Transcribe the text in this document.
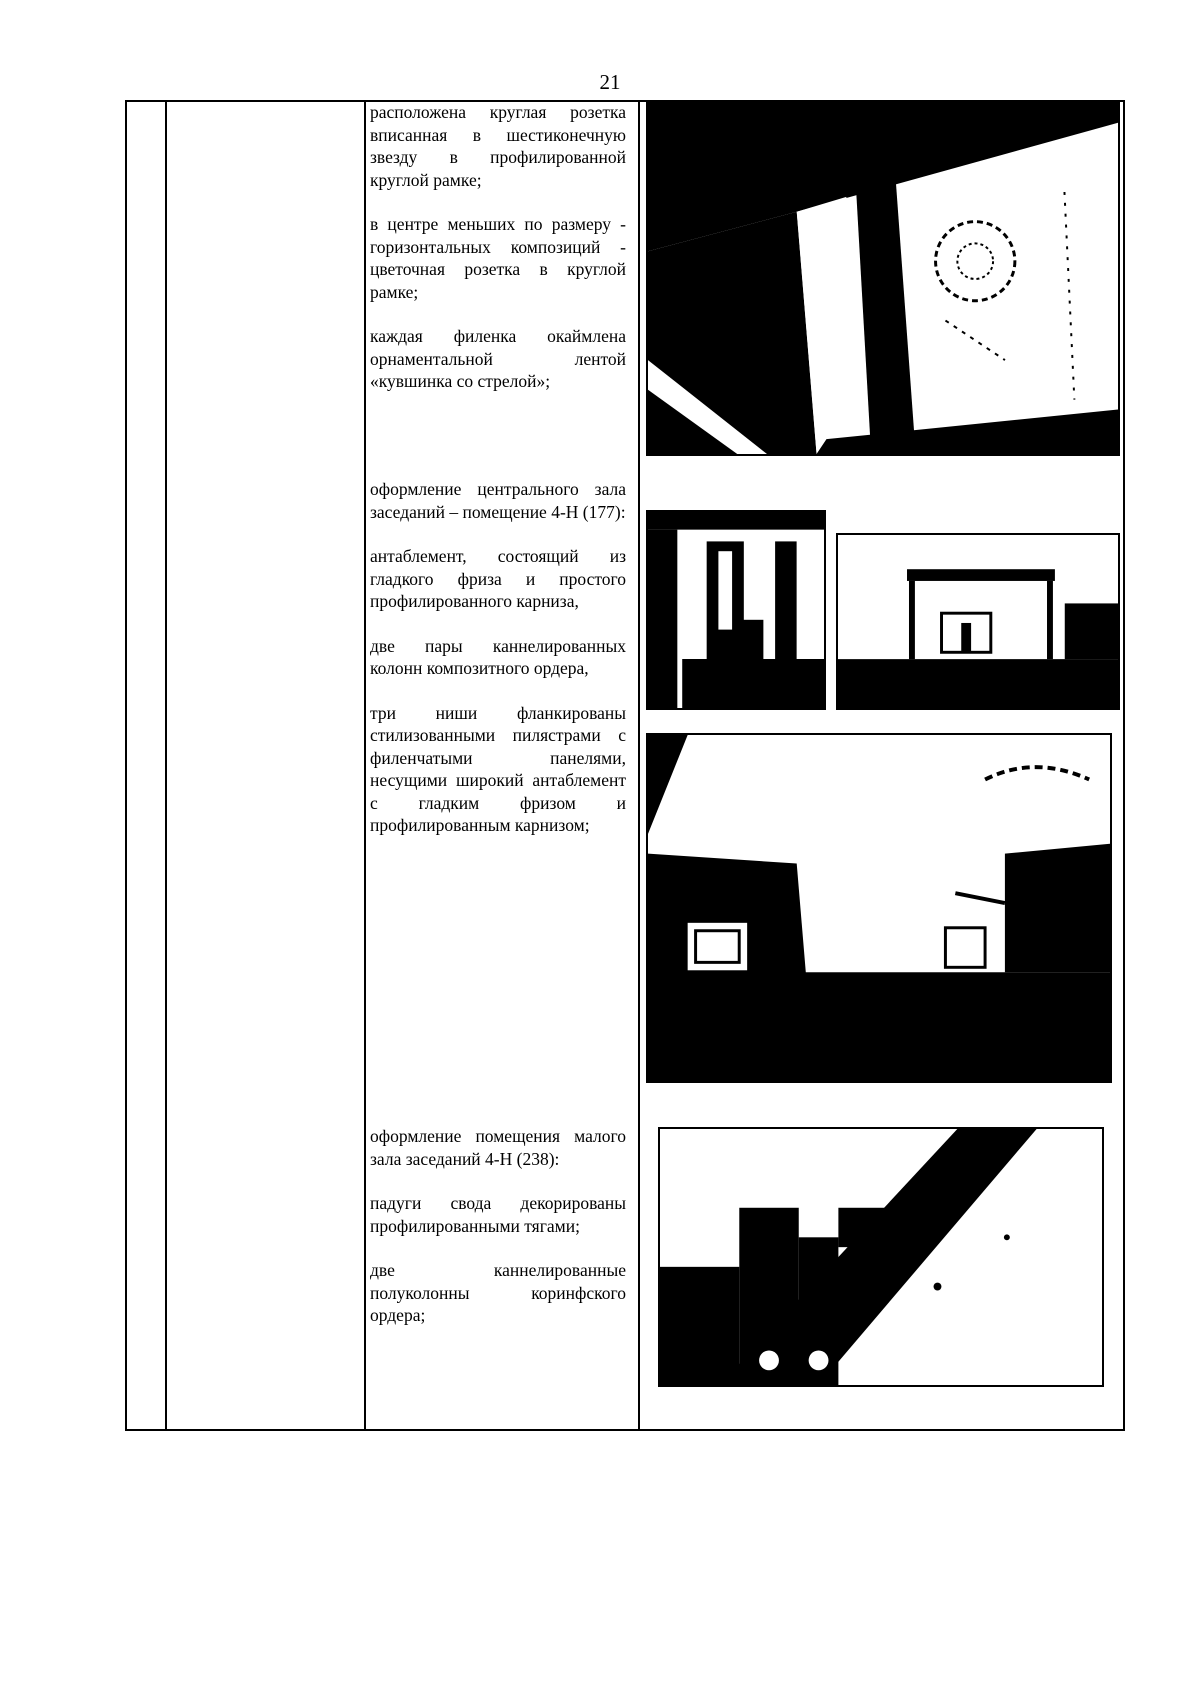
21

расположена круглая розетка вписанная в шестиконечную звезду в профилированной круглой рамке;

в центре меньших по размеру - горизонтальных композиций - цветочная розетка в круглой рамке;

каждая филенка окаймлена орнаментальной лентой «кувшинка со стрелой»;

оформление центрального зала заседаний – помещение 4-Н (177):

антаблемент, состоящий из гладкого фриза и простого профилированного карниза,

две пары каннелированных колонн композитного ордера,

три ниши фланкированы стилизованными пилястрами с филенчатыми панелями, несущими широкий антаблемент с гладким фризом и профилированным карнизом;

оформление помещения малого зала заседаний 4-Н (238):

падуги свода декорированы профилированными тягами;

две каннелированные полуколонны коринфского ордера;
